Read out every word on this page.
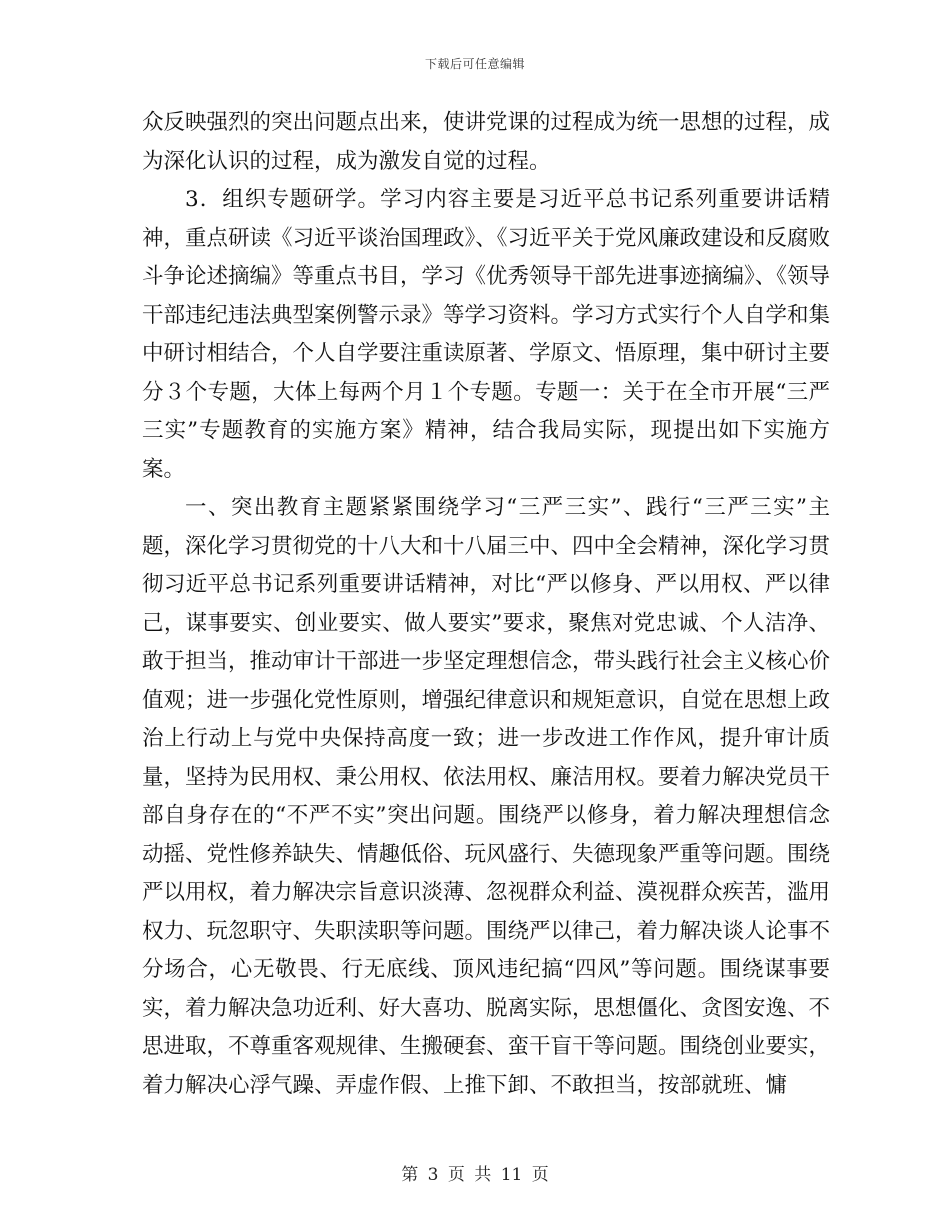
下载后可任意编辑

众反映强烈的突出问题点出来，使讲党课的过程成为统一思想的过程，成为深化认识的过程，成为激发自觉的过程。

3．组织专题研学。学习内容主要是习近平总书记系列重要讲话精神，重点研读《习近平谈治国理政》、《习近平关于党风廉政建设和反腐败斗争论述摘编》等重点书目，学习《优秀领导干部先进事迹摘编》、《领导干部违纪违法典型案例警示录》等学习资料。学习方式实行个人自学和集中研讨相结合，个人自学要注重读原著、学原文、悟原理，集中研讨主要分３个专题，大体上每两个月１个专题。专题一：关于在全市开展“三严三实”专题教育的实施方案》精神，结合我局实际，现提出如下实施方案。

一、突出教育主题紧紧围绕学习“三严三实”、践行“三严三实”主题，深化学习贯彻党的十八大和十八届三中、四中全会精神，深化学习贯彻习近平总书记系列重要讲话精神，对比“严以修身、严以用权、严以律己，谋事要实、创业要实、做人要实”要求，聚焦对党忠诚、个人洁净、敢于担当，推动审计干部进一步坚定理想信念，带头践行社会主义核心价值观；进一步强化党性原则，增强纪律意识和规矩意识，自觉在思想上政治上行动上与党中央保持高度一致；进一步改进工作作风，提升审计质量，坚持为民用权、秉公用权、依法用权、廉洁用权。要着力解决党员干部自身存在的“不严不实”突出问题。围绕严以修身，着力解决理想信念动摇、党性修养缺失、情趣低俗、玩风盛行、失德现象严重等问题。围绕严以用权，着力解决宗旨意识淡薄、忽视群众利益、漠视群众疾苦，滥用权力、玩忽职守、失职渎职等问题。围绕严以律己，着力解决谈人论事不分场合，心无敬畏、行无底线、顶风违纪搞“四风”等问题。围绕谋事要实，着力解决急功近利、好大喜功、脱离实际，思想僵化、贪图安逸、不思进取，不尊重客观规律、生搬硬套、蛮干盲干等问题。围绕创业要实，着力解决心浮气躁、弄虚作假、上推下卸、不敢担当，按部就班、慵

第 3 页 共 11 页
